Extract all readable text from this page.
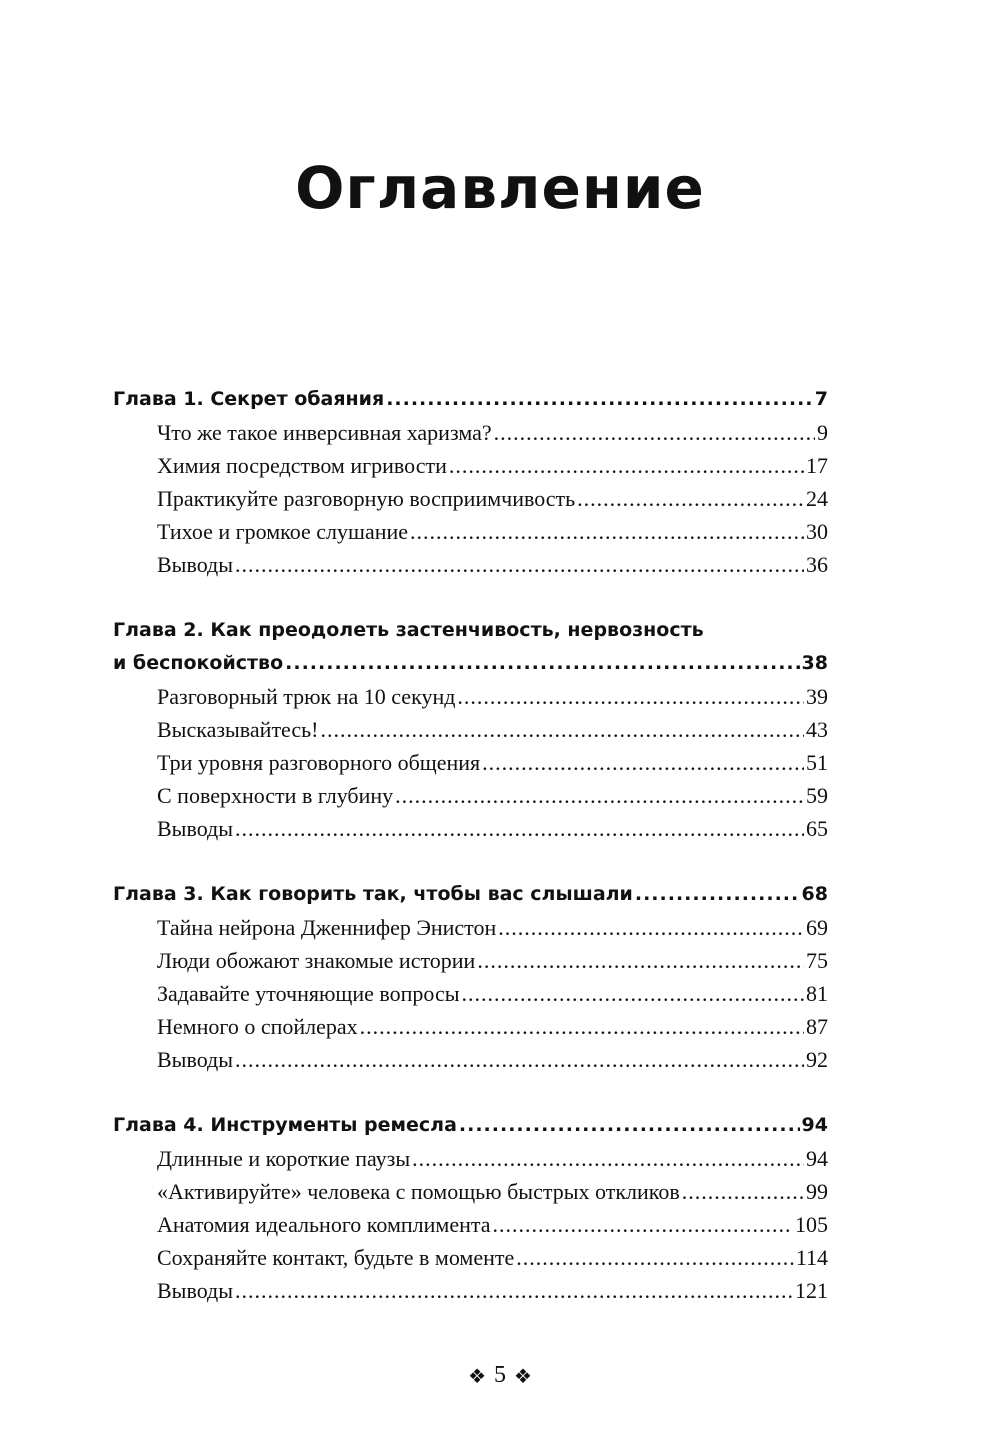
Оглавление
Глава 1. Секрет обаяния .....	7
Что же такое инверсивная харизма? .....	9
Химия посредством игривости .....	17
Практикуйте разговорную восприимчивость .....	24
Тихое и громкое слушание .....	30
Выводы .....	36
Глава 2. Как преодолеть застенчивость, нервозность
и беспокойство .....	38
Разговорный трюк на 10 секунд .....	39
Высказывайтесь! .....	43
Три уровня разговорного общения .....	51
С поверхности в глубину .....	59
Выводы .....	65
Глава 3. Как говорить так, чтобы вас слышали .....	68
Тайна нейрона Дженнифер Энистон .....	69
Люди обожают знакомые истории .....	75
Задавайте уточняющие вопросы .....	81
Немного о спойлерах .....	87
Выводы .....	92
Глава 4. Инструменты ремесла .....	94
Длинные и короткие паузы .....	94
«Активируйте» человека с помощью быстрых откликов .....	99
Анатомия идеального комплимента .....	105
Сохраняйте контакт, будьте в моменте .....	114
Выводы .....	121
❖ 5 ❖
